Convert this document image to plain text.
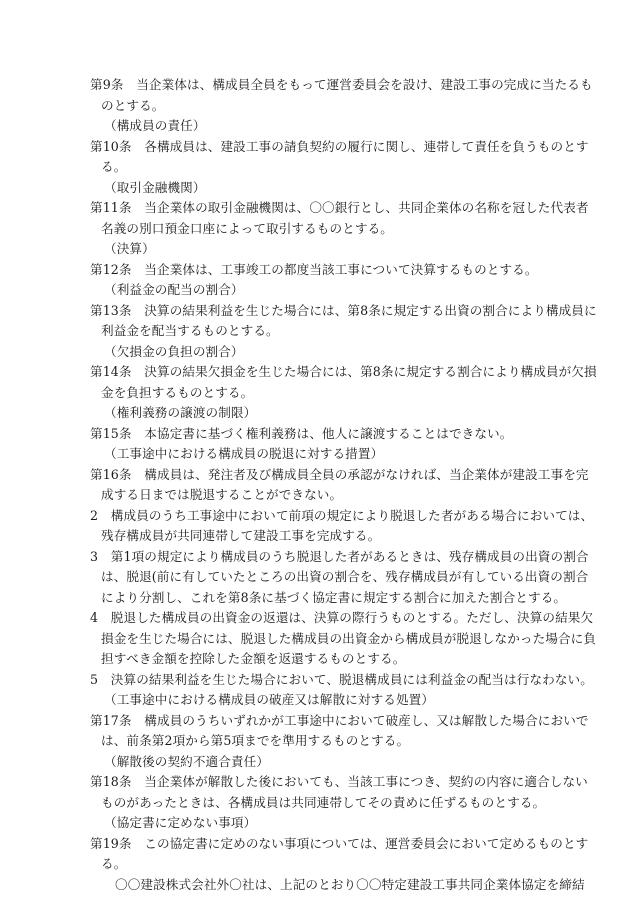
第9条　当企業体は、構成員全員をもって運営委員会を設け、建設工事の完成に当たるも
のとする。
（構成員の責任）
第10条　各構成員は、建設工事の請負契約の履行に関し、連帯して責任を負うものとす
る。
（取引金融機関）
第11条　当企業体の取引金融機関は、〇〇銀行とし、共同企業体の名称を冠した代表者
名義の別口預金口座によって取引するものとする。
（決算）
第12条　当企業体は、工事竣工の都度当該工事について決算するものとする。
（利益金の配当の割合）
第13条　決算の結果利益を生じた場合には、第8条に規定する出資の割合により構成員に
利益金を配当するものとする。
（欠損金の負担の割合）
第14条　決算の結果欠損金を生じた場合には、第8条に規定する割合により構成員が欠損
金を負担するものとする。
（権利義務の譲渡の制限）
第15条　本協定書に基づく権利義務は、他人に譲渡することはできない。
（工事途中における構成員の脱退に対する措置）
第16条　構成員は、発注者及び構成員全員の承認がなければ、当企業体が建設工事を完
成する日までは脱退することができない。
2　構成員のうち工事途中において前項の規定により脱退した者がある場合においては、
残存構成員が共同連帯して建設工事を完成する。
3　第1項の規定により構成員のうち脱退した者があるときは、残存構成員の出資の割合
は、脱退(前に有していたところの出資の割合を、残存構成員が有している出資の割合
により分割し、これを第8条に基づく協定書に規定する割合に加えた割合とする。
4　脱退した構成員の出資金の返還は、決算の際行うものとする。ただし、決算の結果欠
損金を生じた場合には、脱退した構成員の出資金から構成員が脱退しなかった場合に負
担すべき金額を控除した金額を返還するものとする。
5　決算の結果利益を生じた場合において、脱退構成員には利益金の配当は行なわない。
（工事途中における構成員の破産又は解散に対する処置）
第17条　構成員のうちいずれかが工事途中において破産し、又は解散した場合においで
は、前条第2項から第5項までを準用するものとする。
（解散後の契約不適合責任）
第18条　当企業体が解散した後においても、当該工事につき、契約の内容に適合しない
ものがあったときは、各構成員は共同連帯してその責めに任ずるものとする。
（協定書に定めない事項）
第19条　この協定書に定めのない事項については、運営委員会において定めるものとす
る。
〇〇建設株式会社外〇社は、上記のとおり〇〇特定建設工事共同企業体協定を締結
